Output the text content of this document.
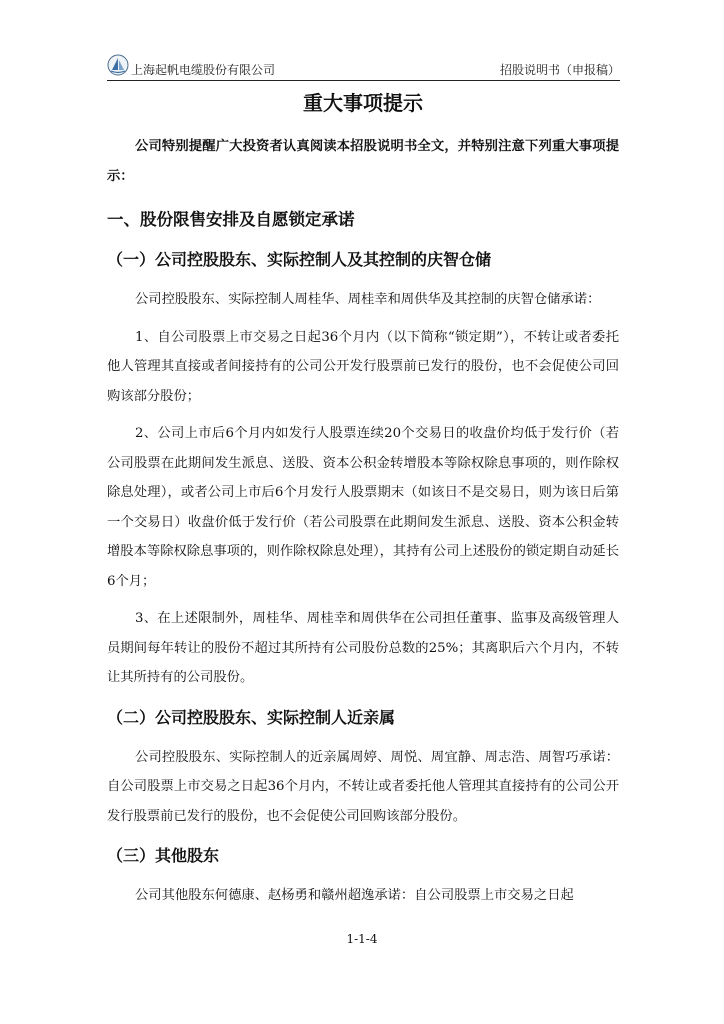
上海起帆电缆股份有限公司	招股说明书（申报稿）
重大事项提示

公司特别提醒广大投资者认真阅读本招股说明书全文，并特别注意下列重大事项提示：

一、股份限售安排及自愿锁定承诺
（一）公司控股股东、实际控制人及其控制的庆智仓储

公司控股股东、实际控制人周桂华、周桂幸和周供华及其控制的庆智仓储承诺：

1、自公司股票上市交易之日起36个月内（以下简称“锁定期”），不转让或者委托他人管理其直接或者间接持有的公司公开发行股票前已发行的股份，也不会促使公司回购该部分股份；

2、公司上市后6个月内如发行人股票连续20个交易日的收盘价均低于发行价（若公司股票在此期间发生派息、送股、资本公积金转增股本等除权除息事项的，则作除权除息处理），或者公司上市后6个月发行人股票期末（如该日不是交易日，则为该日后第一个交易日）收盘价低于发行价（若公司股票在此期间发生派息、送股、资本公积金转增股本等除权除息事项的，则作除权除息处理），其持有公司上述股份的锁定期自动延长6个月；

3、在上述限制外，周桂华、周桂幸和周供华在公司担任董事、监事及高级管理人员期间每年转让的股份不超过其所持有公司股份总数的25%；其离职后六个月内，不转让其所持有的公司股份。

（二）公司控股股东、实际控制人近亲属

公司控股股东、实际控制人的近亲属周婷、周悦、周宜静、周志浩、周智巧承诺：自公司股票上市交易之日起36个月内，不转让或者委托他人管理其直接持有的公司公开发行股票前已发行的股份，也不会促使公司回购该部分股份。

（三）其他股东

公司其他股东何德康、赵杨勇和赣州超逸承诺：自公司股票上市交易之日起

1-1-4
